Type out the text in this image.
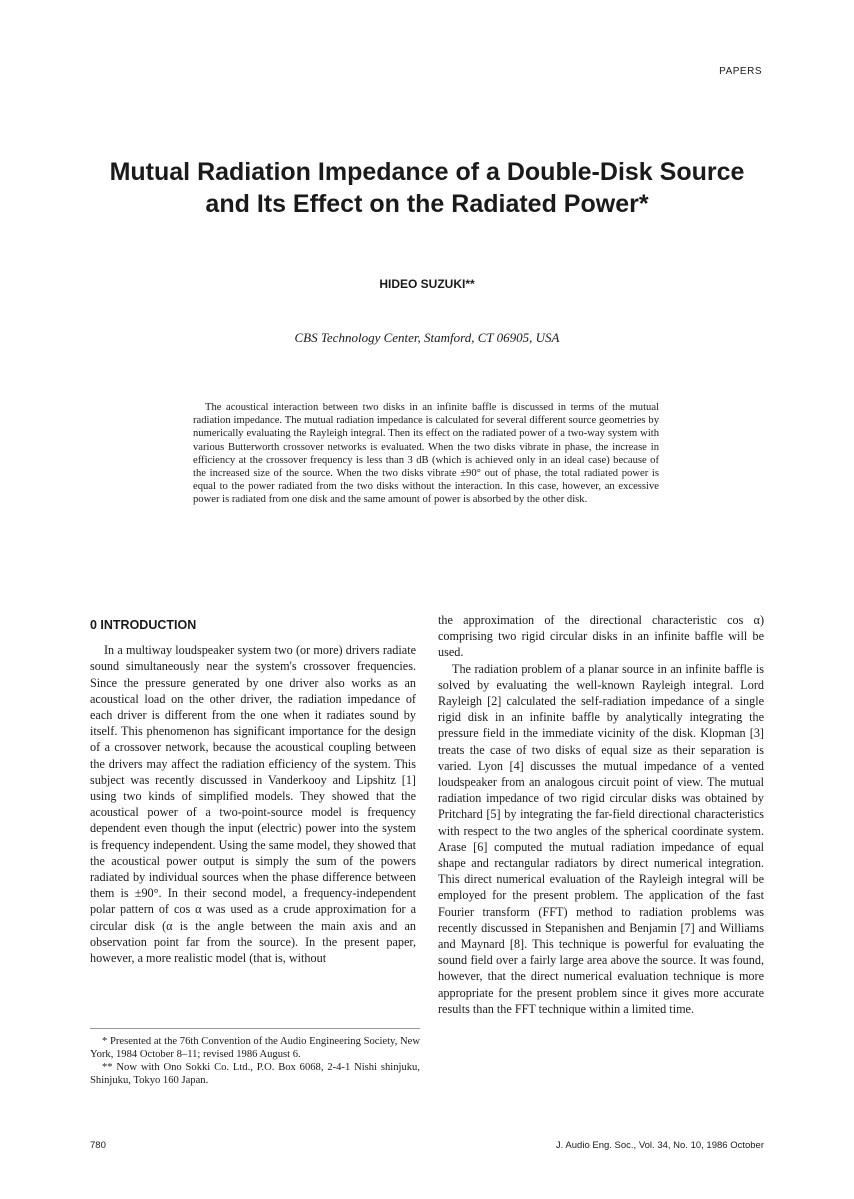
PAPERS
Mutual Radiation Impedance of a Double-Disk Source
and Its Effect on the Radiated Power*
HIDEO SUZUKI**
CBS Technology Center, Stamford, CT 06905, USA
The acoustical interaction between two disks in an infinite baffle is discussed in terms of the mutual radiation impedance. The mutual radiation impedance is calculated for several different source geometries by numerically evaluating the Rayleigh integral. Then its effect on the radiated power of a two-way system with various Butterworth crossover networks is evaluated. When the two disks vibrate in phase, the increase in efficiency at the crossover frequency is less than 3 dB (which is achieved only in an ideal case) because of the increased size of the source. When the two disks vibrate ±90° out of phase, the total radiated power is equal to the power radiated from the two disks without the interaction. In this case, however, an excessive power is radiated from one disk and the same amount of power is absorbed by the other disk.
0 INTRODUCTION

In a multiway loudspeaker system two (or more) drivers radiate sound simultaneously near the system's crossover frequencies. Since the pressure generated by one driver also works as an acoustical load on the other driver, the radiation impedance of each driver is different from the one when it radiates sound by itself. This phenomenon has significant importance for the design of a crossover network, because the acoustical coupling between the drivers may affect the radiation efficiency of the system. This subject was recently discussed in Vanderkooy and Lipshitz [1] using two kinds of simplified models. They showed that the acoustical power of a two-point-source model is frequency dependent even though the input (electric) power into the system is frequency independent. Using the same model, they showed that the acoustical power output is simply the sum of the powers radiated by individual sources when the phase difference between them is ±90°. In their second model, a frequency-independent polar pattern of cos α was used as a crude approximation for a circular disk (α is the angle between the main axis and an observation point far from the source). In the present paper, however, a more realistic model (that is, without

the approximation of the directional characteristic cos α) comprising two rigid circular disks in an infinite baffle will be used.

The radiation problem of a planar source in an infinite baffle is solved by evaluating the well-known Rayleigh integral. Lord Rayleigh [2] calculated the self-radiation impedance of a single rigid disk in an infinite baffle by analytically integrating the pressure field in the immediate vicinity of the disk. Klopman [3] treats the case of two disks of equal size as their separation is varied. Lyon [4] discusses the mutual impedance of a vented loudspeaker from an analogous circuit point of view. The mutual radiation impedance of two rigid circular disks was obtained by Pritchard [5] by integrating the far-field directional characteristics with respect to the two angles of the spherical coordinate system. Arase [6] computed the mutual radiation impedance of equal shape and rectangular radiators by direct numerical integration. This direct numerical evaluation of the Rayleigh integral will be employed for the present problem. The application of the fast Fourier transform (FFT) method to radiation problems was recently discussed in Stepanishen and Benjamin [7] and Williams and Maynard [8]. This technique is powerful for evaluating the sound field over a fairly large area above the source. It was found, however, that the direct numerical evaluation technique is more appropriate for the present problem since it gives more accurate results than the FFT technique within a limited time.

* Presented at the 76th Convention of the Audio Engineering Society, New York, 1984 October 8–11; revised 1986 August 6.

** Now with Ono Sokki Co. Ltd., P.O. Box 6068, 2-4-1 Nishi shinjuku, Shinjuku, Tokyo 160 Japan.

780	J. Audio Eng. Soc., Vol. 34, No. 10, 1986 October
